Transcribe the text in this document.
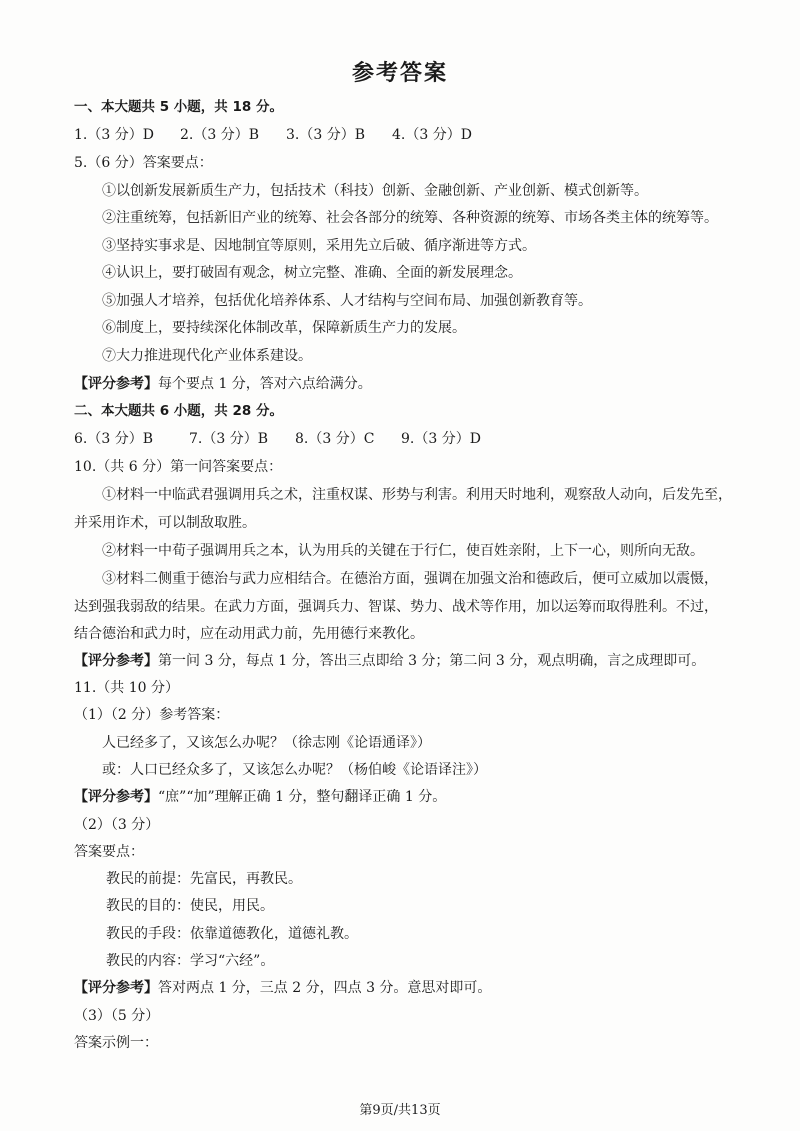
参考答案
一、本大题共 5 小题，共 18 分。
1.（3 分）D 2.（3 分）B 3.（3 分）B 4.（3 分）D
5.（6 分）答案要点：
①以创新发展新质生产力，包括技术（科技）创新、金融创新、产业创新、模式创新等。
②注重统筹，包括新旧产业的统筹、社会各部分的统筹、各种资源的统筹、市场各类主体的统筹等。
③坚持实事求是、因地制宜等原则，采用先立后破、循序渐进等方式。
④认识上，要打破固有观念，树立完整、准确、全面的新发展理念。
⑤加强人才培养，包括优化培养体系、人才结构与空间布局、加强创新教育等。
⑥制度上，要持续深化体制改革，保障新质生产力的发展。
⑦大力推进现代化产业体系建设。
【评分参考】每个要点 1 分，答对六点给满分。
二、本大题共 6 小题，共 28 分。
6.（3 分）B	7.（3 分）B 8.（3 分）C 9.（3 分）D
10.（共 6 分）第一问答案要点：
①材料一中临武君强调用兵之术，注重权谋、形势与利害。利用天时地利，观察敌人动向，后发先至，
并采用诈术，可以制敌取胜。
②材料一中荀子强调用兵之本，认为用兵的关键在于行仁，使百姓亲附，上下一心，则所向无敌。
③材料二侧重于德治与武力应相结合。在德治方面，强调在加强文治和德政后，便可立威加以震慑，
达到强我弱敌的结果。在武力方面，强调兵力、智谋、势力、战术等作用，加以运筹而取得胜利。不过，
结合德治和武力时，应在动用武力前，先用德行来教化。
【评分参考】第一问 3 分，每点 1 分，答出三点即给 3 分；第二问 3 分，观点明确，言之成理即可。
11.（共 10 分）
（1）（2 分）参考答案：
人已经多了，又该怎么办呢？（徐志刚《论语通译》）
或：人口已经众多了，又该怎么办呢？（杨伯峻《论语译注》）
【评分参考】“庶”“加”理解正确 1 分，整句翻译正确 1 分。
（2）（3 分）
答案要点：
教民的前提：先富民，再教民。
教民的目的：使民，用民。
教民的手段：依靠道德教化，道德礼教。
教民的内容：学习“六经”。
【评分参考】答对两点 1 分，三点 2 分，四点 3 分。意思对即可。
（3）（5 分）
答案示例一：
第9页/共13页
